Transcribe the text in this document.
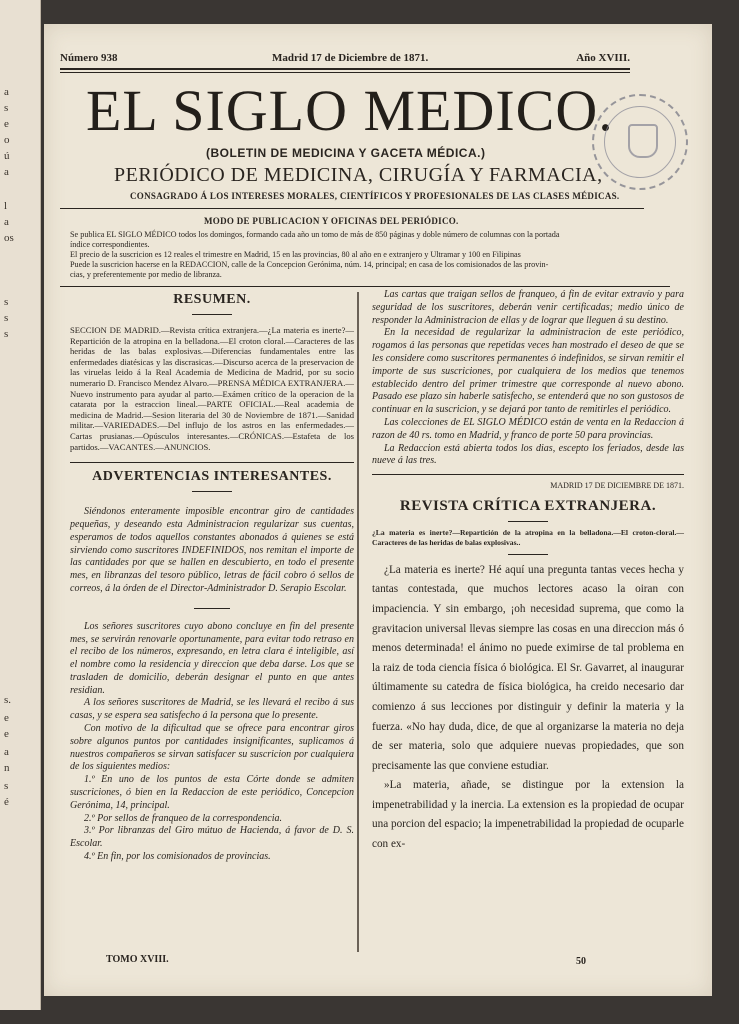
a
s
e
o
ú
a
l
a
os
s
s
s
s.
e
e
a
n
s
é
Número 938	Madrid 17 de Diciembre de 1871.	Año XVIII.
EL SIGLO MEDICO.
(BOLETIN DE MEDICINA Y GACETA MÉDICA.)
PERIÓDICO DE MEDICINA, CIRUGÍA Y FARMACIA,
CONSAGRADO Á LOS INTERESES MORALES, CIENTÍFICOS Y PROFESIONALES DE LAS CLASES MÉDICAS.
MODO DE PUBLICACION Y OFICINAS DEL PERIÓDICO.

Se publica EL SIGLO MÉDICO todos los domingos, formando cada año un tomo de más de 850 páginas y doble número de columnas con la portada

índice correspondientes.

El precio de la suscricion es 12 reales el trimestre en Madrid, 15 en las provincias, 80 al año en e extranjero y Ultramar y 100 en Filipinas

Puede la suscricion hacerse en la REDACCION, calle de la Concepcion Gerónima, núm. 14, principal; en casa de los comisionados de las provin-

cias, y preferentemente por medio de libranza.

RESUMEN.

SECCION DE MADRID.—Revista crítica extranjera.—¿La materia es inerte?—Repartición de la atropina en la belladona.—El croton cloral.—Caracteres de las heridas de las balas explosivas.—Diferencias fundamentales entre las enfermedades diatésicas y las discrasicas.—Discurso acerca de la preservacion de las viruelas leido á la Real Academia de Medicina de Madrid, por su socio numerario D. Francisco Mendez Alvaro.—PRENSA MÉDICA EXTRANJERA.—Nuevo instrumento para ayudar al parto.—Exámen crítico de la operacion de la catarata por la estraccion lineal.—PARTE OFICIAL.—Real academia de medicina de Madrid.—Sesion literaria del 30 de Noviembre de 1871.—Sanidad militar.—VARIEDADES.—Del influjo de los astros en las enfermedades.—Cartas prusianas.—Opúsculos interesantes.—CRÓNICAS.—Estafeta de los partidos.—VACANTES.—ANUNCIOS.

ADVERTENCIAS INTERESANTES.

Siéndonos enteramente imposible encontrar giro de cantidades pequeñas, y deseando esta Administracion regularizar sus cuentas, esperamos de todos aquellos constantes abonados á quienes se está sirviendo como suscritores INDEFINIDOS, nos remitan el importe de las cantidades por que se hallen en descubierto, en todo el presente mes, en libranzas del tesoro público, letras de fácil cobro ó sellos de correos, á la órden de el Director-Administrador D. Serapio Escolar.

Los señores suscritores cuyo abono concluye en fin del presente mes, se servirán renovarle oportunamente, para evitar todo retraso en el recibo de los números, expresando, en letra clara é inteligible, así el nombre como la residencia y direccion que deba darse. Los que se trasladen de domicilio, deberán designar el punto en que antes residian.

A los señores suscritores de Madrid, se les llevará el recibo á sus casas, y se espera sea satisfecho á la persona que lo presente.

Con motivo de la dificultad que se ofrece para encontrar giros sobre algunos puntos por cantidades insignificantes, suplicamos á nuestros compañeros se sirvan satisfacer su suscricion por cualquiera de los siguientes medios:

1.º En uno de los puntos de esta Córte donde se admiten suscriciones, ó bien en la Redaccion de este periódico, Concepcion Gerónima, 14, principal.

2.º Por sellos de franqueo de la correspondencia.

3.º Por libranzas del Giro mútuo de Hacienda, á favor de D. S. Escolar.

4.º En fin, por los comisionados de provincias.

Las cartas que traigan sellos de franqueo, á fin de evitar extravío y para seguridad de los suscritores, deberán venir certificadas; medio único de responder la Administracion de ellas y de lograr que lleguen á su destino.

En la necesidad de regularizar la administracion de este periódico, rogamos á las personas que repetidas veces han mostrado el deseo de que se les considere como suscritores permanentes ó indefinidos, se sirvan remitir el importe de sus suscriciones, por cualquiera de los medios que tenemos establecido dentro del primer trimestre que corresponde al nuevo abono. Pasado ese plazo sin haberle satisfecho, se entenderá que no son gustosos de continuar en la suscricion, y se dejará por tanto de remitirles el periódico.

Las colecciones de EL SIGLO MÉDICO están de venta en la Redaccion á razon de 40 rs. tomo en Madrid, y franco de porte 50 para provincias.

La Redaccion está abierta todos los dias, escepto los feriados, desde las nueve á las tres.

MADRID 17 DE DICIEMBRE DE 1871.

REVISTA CRÍTICA EXTRANJERA.

¿La materia es inerte?—Repartición de la atropina en la belladona.—El croton-cloral.—Caracteres de las heridas de balas explosivas..

¿La materia es inerte? Hé aquí una pregunta tantas veces hecha y tantas contestada, que muchos lectores acaso la oiran con impaciencia. Y sin embargo, ¡oh necesidad suprema, que como la gravitacion universal llevas siempre las cosas en una direccion más ó menos determinada! el ánimo no puede eximirse de tal problema en la raiz de toda ciencia física ó biológica. El Sr. Gavarret, al inaugurar últimamente su catedra de física biológica, ha creido necesario dar comienzo á sus lecciones por distinguir y definir la materia y la fuerza. «No hay duda, dice, de que al organizarse la materia no deja de ser materia, solo que adquiere nuevas propiedades, que son precisamente las que conviene estudiar.

»La materia, añade, se distingue por la extension la impenetrabilidad y la inercia. La extension es la propiedad de ocupar una porcion del espacio; la impenetrabilidad la propiedad de ocuparle con ex-

TOMO XVIII.	50
